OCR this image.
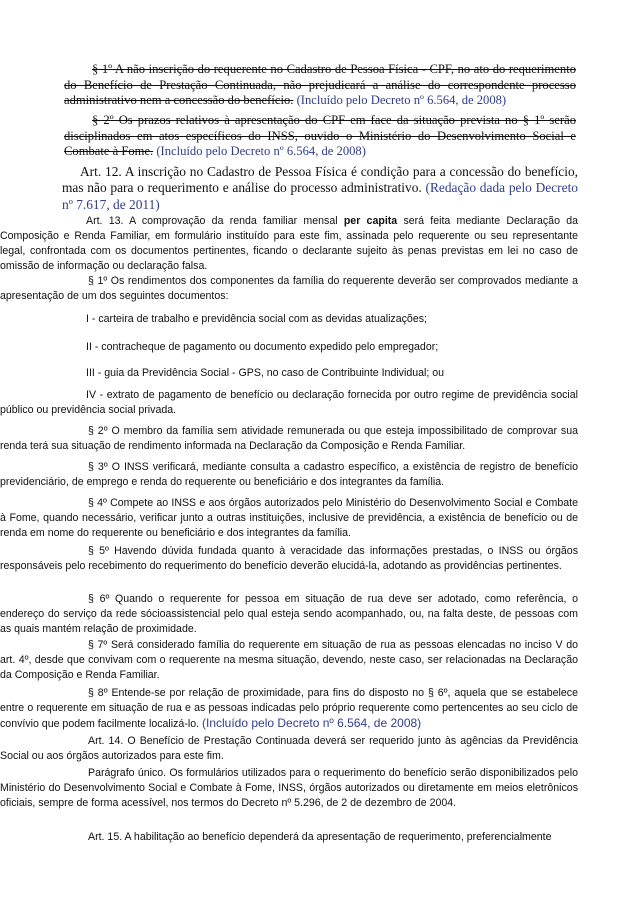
§ 1º A não inscrição do requerente no Cadastro de Pessoa Física - CPF, no ato do requerimento do Benefício de Prestação Continuada, não prejudicará a análise do correspondente processo administrativo nem a concessão do benefício. (Incluído pelo Decreto nº 6.564, de 2008)
§ 2º Os prazos relativos à apresentação do CPF em face da situação prevista no § 1º serão disciplinados em atos específicos do INSS, ouvido o Ministério do Desenvolvimento Social e Combate à Fome. (Incluído pelo Decreto nº 6.564, de 2008)
Art. 12. A inscrição no Cadastro de Pessoa Física é condição para a concessão do benefício, mas não para o requerimento e análise do processo administrativo. (Redação dada pelo Decreto nº 7.617, de 2011)
Art. 13. A comprovação da renda familiar mensal per capita será feita mediante Declaração da Composição e Renda Familiar, em formulário instituído para este fim, assinada pelo requerente ou seu representante legal, confrontada com os documentos pertinentes, ficando o declarante sujeito às penas previstas em lei no caso de omissão de informação ou declaração falsa.
§ 1º Os rendimentos dos componentes da família do requerente deverão ser comprovados mediante a apresentação de um dos seguintes documentos:
I - carteira de trabalho e previdência social com as devidas atualizações;
II - contracheque de pagamento ou documento expedido pelo empregador;
III - guia da Previdência Social - GPS, no caso de Contribuinte Individual; ou
IV - extrato de pagamento de benefício ou declaração fornecida por outro regime de previdência social público ou previdência social privada.
§ 2º O membro da família sem atividade remunerada ou que esteja impossibilitado de comprovar sua renda terá sua situação de rendimento informada na Declaração da Composição e Renda Familiar.
§ 3º O INSS verificará, mediante consulta a cadastro específico, a existência de registro de benefício previdenciário, de emprego e renda do requerente ou beneficiário e dos integrantes da família.
§ 4º Compete ao INSS e aos órgãos autorizados pelo Ministério do Desenvolvimento Social e Combate à Fome, quando necessário, verificar junto a outras instituições, inclusive de previdência, a existência de benefício ou de renda em nome do requerente ou beneficiário e dos integrantes da família.
§ 5º Havendo dúvida fundada quanto à veracidade das informações prestadas, o INSS ou órgãos responsáveis pelo recebimento do requerimento do benefício deverão elucidá-la, adotando as providências pertinentes.
§ 6º Quando o requerente for pessoa em situação de rua deve ser adotado, como referência, o endereço do serviço da rede sócioassistencial pelo qual esteja sendo acompanhado, ou, na falta deste, de pessoas com as quais mantém relação de proximidade.
§ 7º Será considerado família do requerente em situação de rua as pessoas elencadas no inciso V do art. 4º, desde que convivam com o requerente na mesma situação, devendo, neste caso, ser relacionadas na Declaração da Composição e Renda Familiar.
§ 8º Entende-se por relação de proximidade, para fins do disposto no § 6º, aquela que se estabelece entre o requerente em situação de rua e as pessoas indicadas pelo próprio requerente como pertencentes ao seu ciclo de convívio que podem facilmente localizá-lo. (Incluído pelo Decreto nº 6.564, de 2008)
Art. 14. O Benefício de Prestação Continuada deverá ser requerido junto às agências da Previdência Social ou aos órgãos autorizados para este fim.
Parágrafo único. Os formulários utilizados para o requerimento do benefício serão disponibilizados pelo Ministério do Desenvolvimento Social e Combate à Fome, INSS, órgãos autorizados ou diretamente em meios eletrônicos oficiais, sempre de forma acessível, nos termos do Decreto nº 5.296, de 2 de dezembro de 2004.
Art. 15. A habilitação ao benefício dependerá da apresentação de requerimento, preferencialmente
